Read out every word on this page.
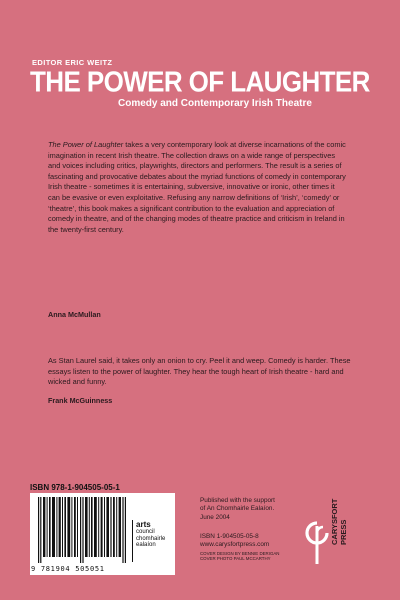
EDITOR ERIC WEITZ
THE POWER OF LAUGHTER
Comedy and Contemporary Irish Theatre

The Power of Laughter takes a very contemporary look at diverse incarnations of the comic imagination in recent Irish theatre. The collection draws on a wide range of perspectives and voices including critics, playwrights, directors and performers. The result is a series of fascinating and provocative debates about the myriad functions of comedy in contemporary Irish theatre - sometimes it is entertaining, subversive, innovative or ironic, other times it can be evasive or even exploitative. Refusing any narrow definitions of ‘Irish’, ‘comedy’ or ‘theatre’, this book makes a significant contribution to the evaluation and appreciation of comedy in theatre, and of the changing modes of theatre practice and criticism in Ireland in the twenty-first century.

Anna McMullan

As Stan Laurel said, it takes only an onion to cry. Peel it and weep. Comedy is harder. These essays listen to the power of laughter. They hear the tough heart of Irish theatre - hard and wicked and funny.

Frank McGuinness
ISBN 978-1-904505-05-1
9 781904 505051
arts
council
chomhairle
ealaíon
Published with the support
of An Chomhairle Ealaíon.
June 2004
ISBN 1-904505-05-8
www.carysfortpress.com
COVER DESIGN BY BENNIE DERIGAN
COVER PHOTO PAUL MCCARTHY
CARYSFORT PRESS
